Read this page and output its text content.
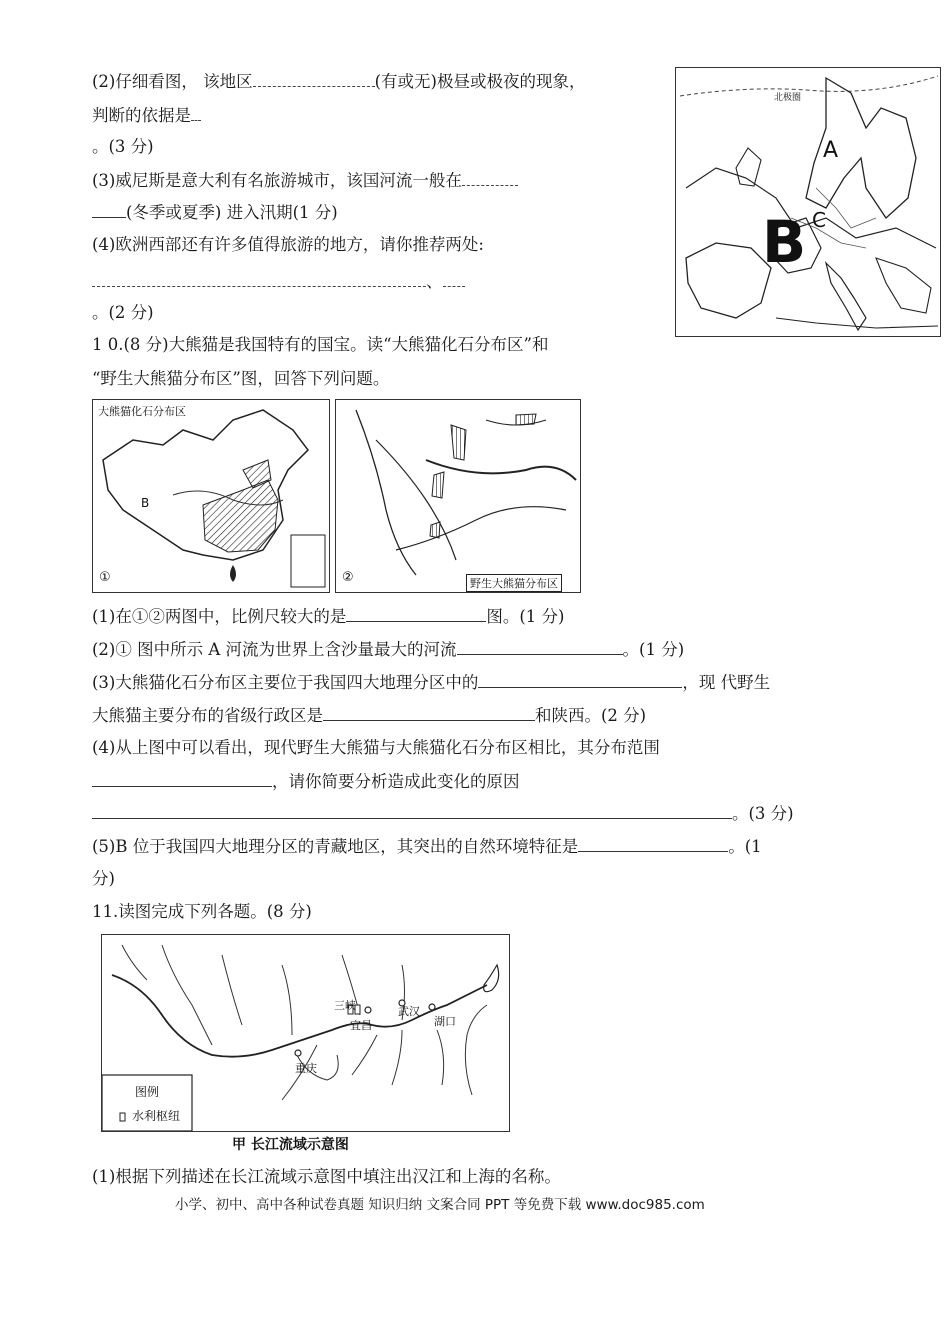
(2)仔细看图， 该地区	(有或无)极昼或极夜的现象，
判断的依据是
。(3 分)
(3)威尼斯是意大利有名旅游城市，该国河流一般在
(冬季或夏季) 进入汛期(1 分)
(4)欧洲西部还有许多值得旅游的地方，请你推荐两处:
、
。(2 分)
北极圈
A
C
B
1 0.(8 分)大熊猫是我国特有的国宝。读“大熊猫化石分布区”和
“野生大熊猫分布区”图，回答下列问题。
大熊猫化石分布区
B
①	②	野生大熊猫分布区
(1)在①②两图中，比例尺较大的是	图。(1 分)
(2)① 图中所示 A 河流为世界上含沙量最大的河流	。(1 分)
(3)大熊猫化石分布区主要位于我国四大地理分区中的	，现 代野生
大熊猫主要分布的省级行政区是	和陕西。(2 分)
(4)从上图中可以看出，现代野生大熊猫与大熊猫化石分布区相比，其分布范围
，请你简要分析造成此变化的原因
。(3 分)
(5)B 位于我国四大地理分区的青藏地区，其突出的自然环境特征是	。(1
分)
11.读图完成下列各题。(8 分)
三峡	武汉
宜昌	湖口
重庆
图例
水利枢纽
甲 长江流域示意图
(1)根据下列描述在长江流域示意图中填注出汉江和上海的名称。
小学、初中、高中各种试卷真题 知识归纳 文案合同 PPT 等免费下载 www.doc985.com
